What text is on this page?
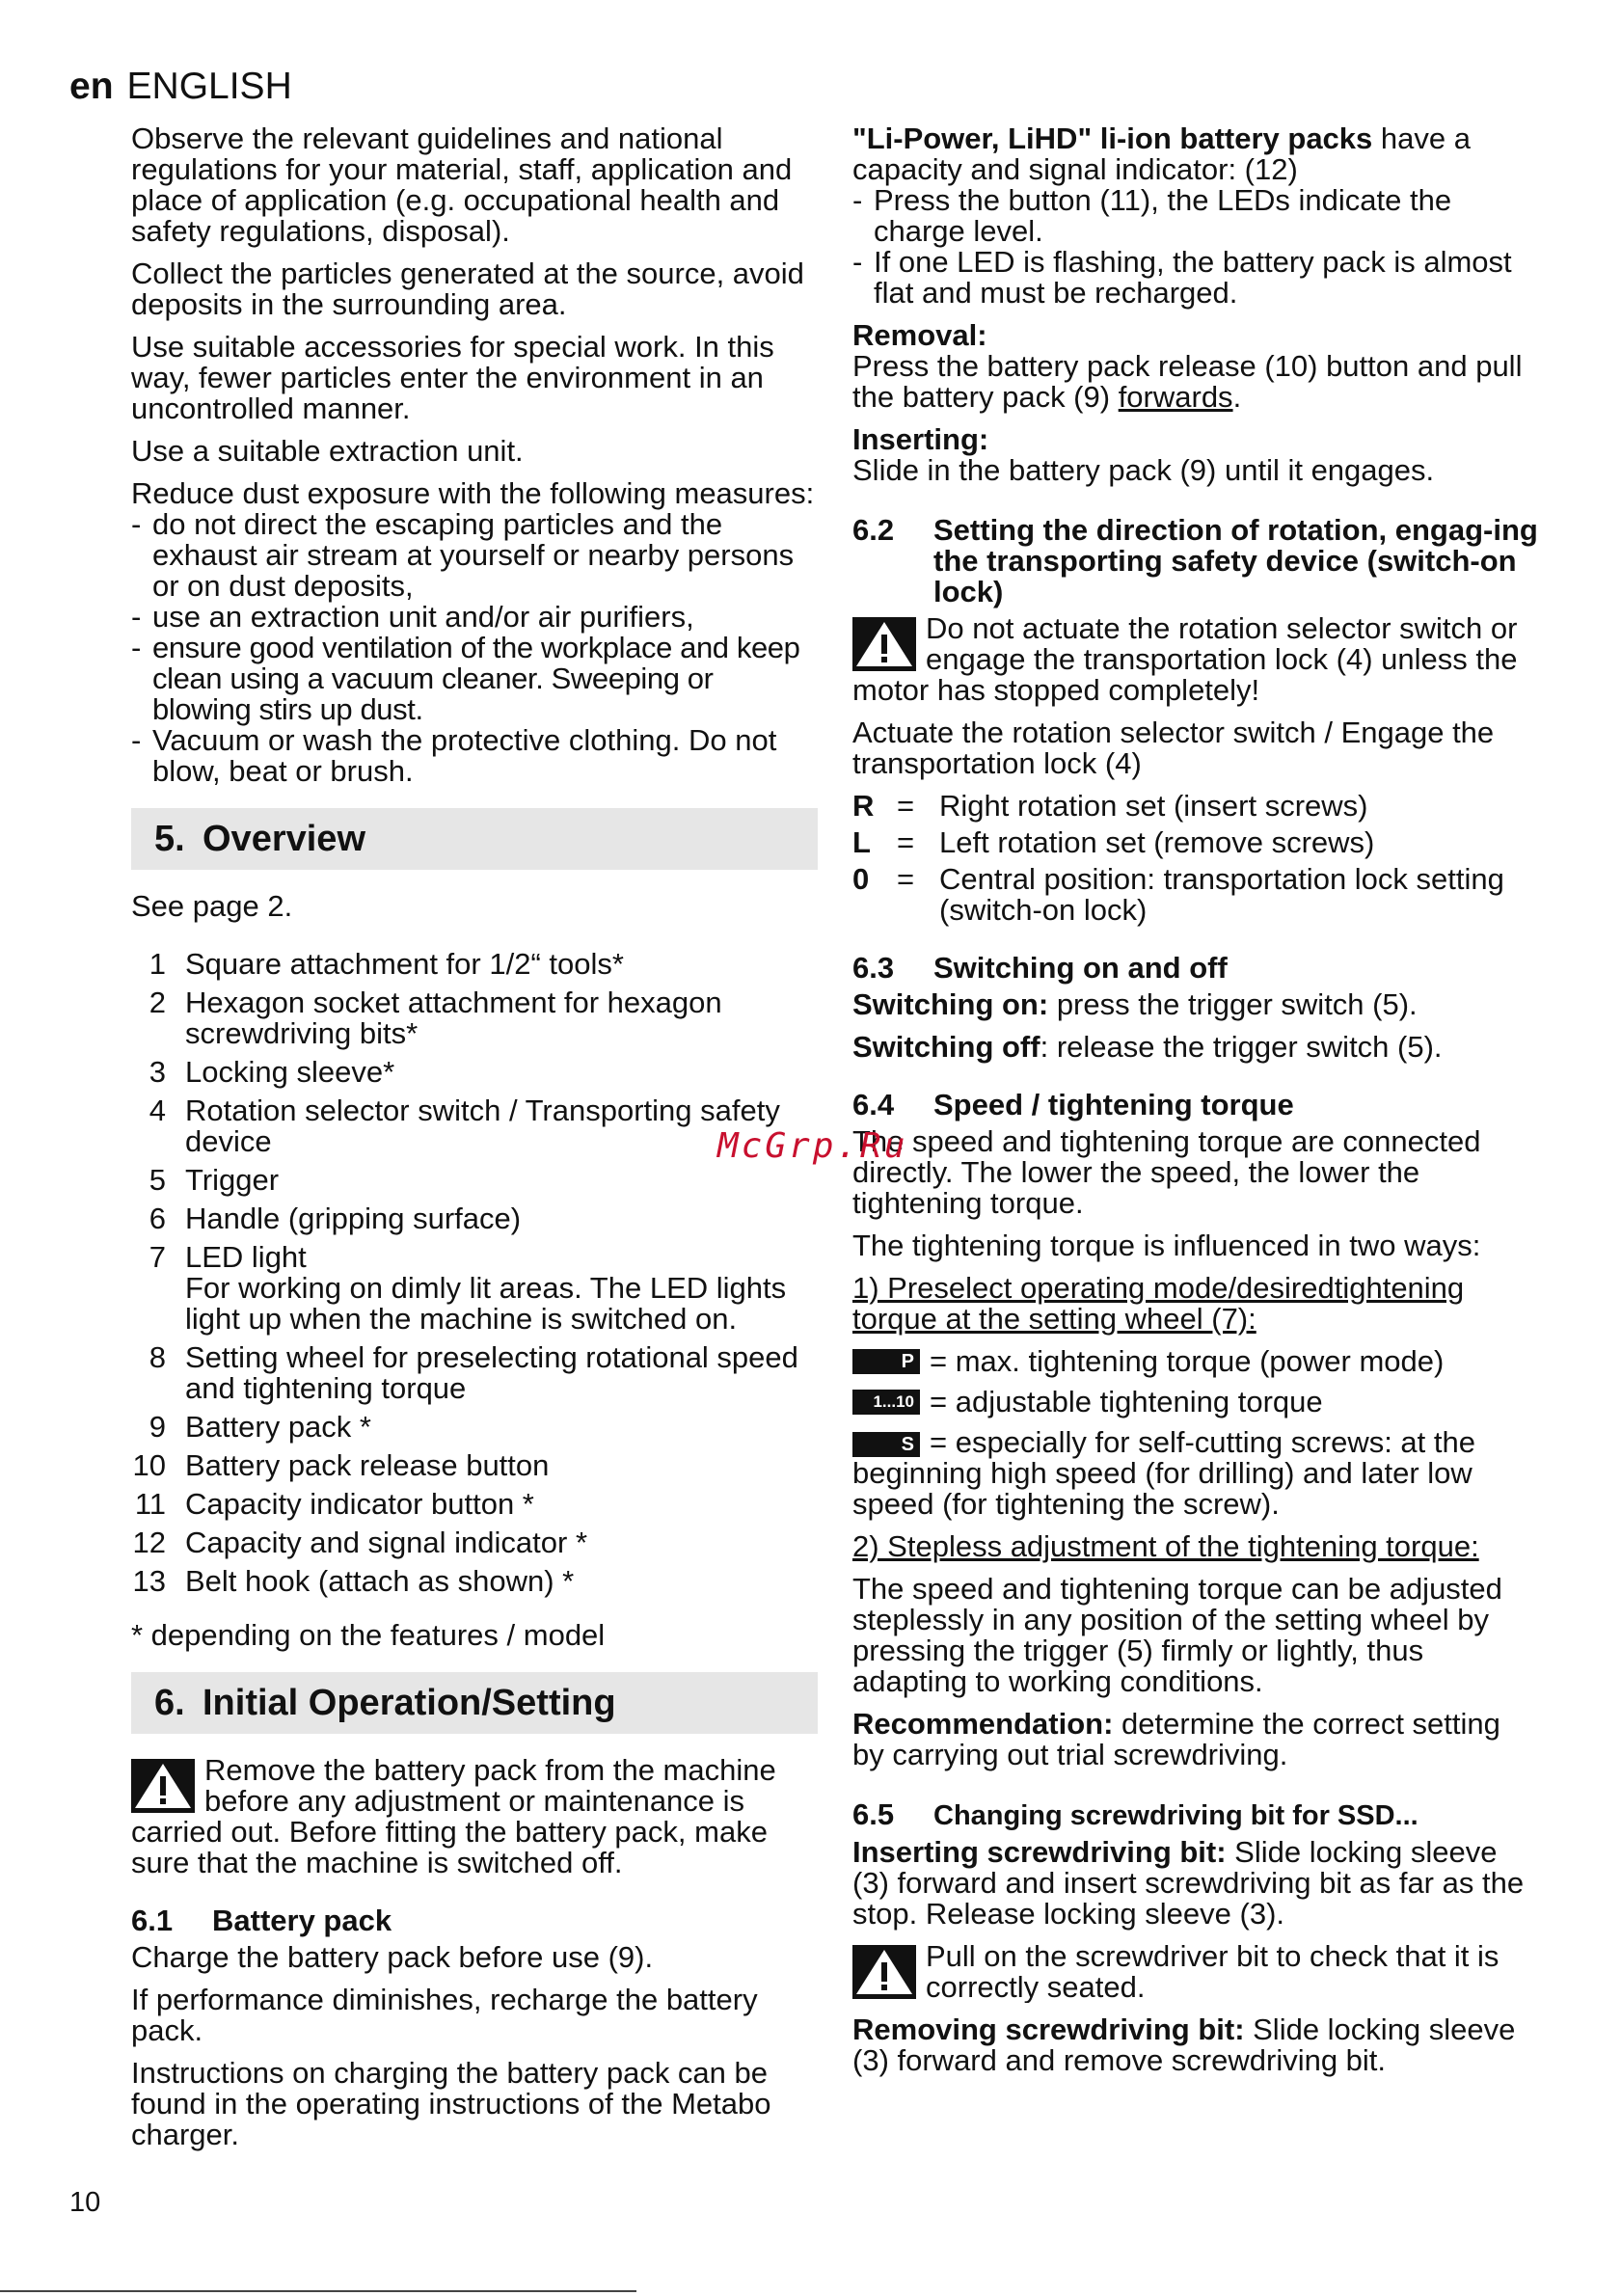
en ENGLISH

Observe the relevant guidelines and national regulations for your material, staff, application and place of application (e.g. occupational health and safety regulations, disposal).

Collect the particles generated at the source, avoid deposits in the surrounding area.

Use suitable accessories for special work. In this way, fewer particles enter the environment in an uncontrolled manner.

Use a suitable extraction unit.

Reduce dust exposure with the following measures:

- do not direct the escaping particles and the exhaust air stream at yourself or nearby persons or on dust deposits,
- use an extraction unit and/or air purifiers,
- ensure good ventilation of the workplace and keep clean using a vacuum cleaner. Sweeping or blowing stirs up dust.
- Vacuum or wash the protective clothing. Do not blow, beat or brush.
5. Overview

See page 2.

1 Square attachment for 1/2“ tools*
2 Hexagon socket attachment for hexagon screwdriving bits*
3 Locking sleeve*
4 Rotation selector switch / Transporting safety device
5 Trigger
6 Handle (gripping surface)
7 LED light
For working on dimly lit areas. The LED lights light up when the machine is switched on.
8 Setting wheel for preselecting rotational speed and tightening torque
9 Battery pack *
10 Battery pack release button
11 Capacity indicator button *
12 Capacity and signal indicator *
13 Belt hook (attach as shown) *

* depending on the features / model

6. Initial Operation/Setting
Remove the battery pack from the machine before any adjustment or maintenance is carried out. Before fitting the battery pack, make sure that the machine is switched off.
6.1 Battery pack

Charge the battery pack before use (9).

If performance diminishes, recharge the battery pack.

Instructions on charging the battery pack can be found in the operating instructions of the Metabo charger.

"Li-Power, LiHD" li-ion battery packs have a capacity and signal indicator: (12)

- Press the button (11), the LEDs indicate the charge level.
- If one LED is flashing, the battery pack is almost flat and must be recharged.

Removal:

Press the battery pack release (10) button and pull the battery pack (9) forwards.

Inserting:

Slide in the battery pack (9) until it engages.

6.2 Setting the direction of rotation, engag-ing the transporting safety device (switch-on lock)
Do not actuate the rotation selector switch or engage the transportation lock (4) unless the motor has stopped completely!

Actuate the rotation selector switch / Engage the transportation lock (4)

R = Right rotation set (insert screws)
L = Left rotation set (remove screws)
0 = Central position: transportation lock setting (switch-on lock)
6.3 Switching on and off

Switching on: press the trigger switch (5).

Switching off: release the trigger switch (5).

6.4 Speed / tightening torque

The speed and tightening torque are connected directly. The lower the speed, the lower the tightening torque.

The tightening torque is influenced in two ways:

1) Preselect operating mode/desiredtightening torque at the setting wheel (7):

P = max. tightening torque (power mode)
1...10 = adjustable tightening torque

S = especially for self-cutting screws: at the beginning high speed (for drilling) and later low speed (for tightening the screw).

2) Stepless adjustment of the tightening torque:

The speed and tightening torque can be adjusted steplessly in any position of the setting wheel by pressing the trigger (5) firmly or lightly, thus adapting to working conditions.

Recommendation: determine the correct setting by carrying out trial screwdriving.

6.5 Changing screwdriving bit for SSD...

Inserting screwdriving bit: Slide locking sleeve (3) forward and insert screwdriving bit as far as the stop. Release locking sleeve (3).

Pull on the screwdriver bit to check that it is correctly seated.

Removing screwdriving bit: Slide locking sleeve (3) forward and remove screwdriving bit.

McGrp.Ru
10
